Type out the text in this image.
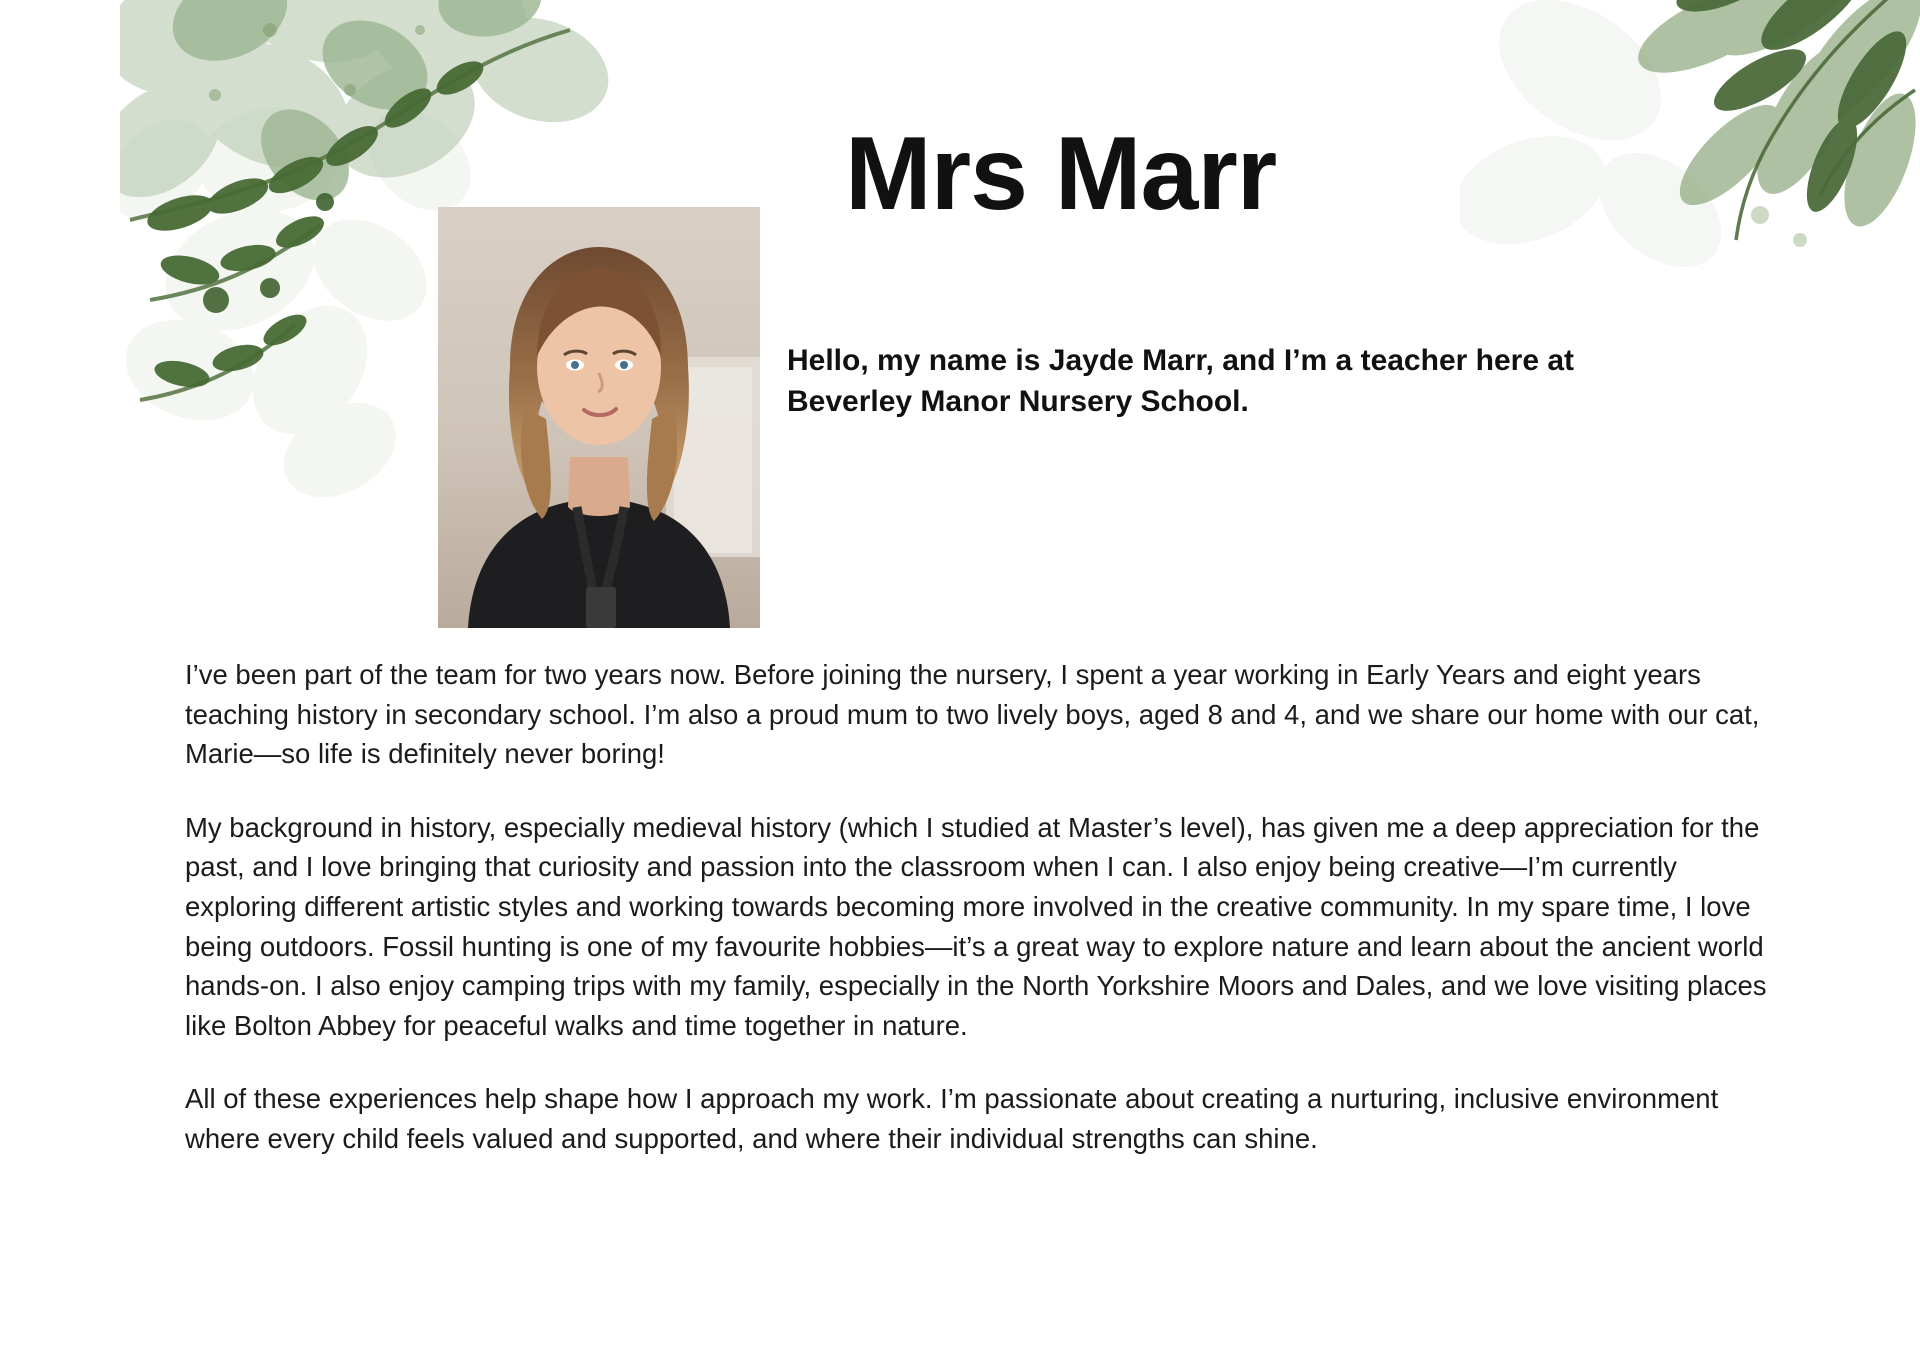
Mrs Marr

Hello, my name is Jayde Marr, and I’m a teacher here at Beverley Manor Nursery School.

I’ve been part of the team for two years now. Before joining the nursery, I spent a year working in Early Years and eight years teaching history in secondary school. I’m also a proud mum to two lively boys, aged 8 and 4, and we share our home with our cat, Marie—so life is definitely never boring!

My background in history, especially medieval history (which I studied at Master’s level), has given me a deep appreciation for the past, and I love bringing that curiosity and passion into the classroom when I can. I also enjoy being creative—I’m currently exploring different artistic styles and working towards becoming more involved in the creative community. In my spare time, I love being outdoors. Fossil hunting is one of my favourite hobbies—it’s a great way to explore nature and learn about the ancient world hands-on. I also enjoy camping trips with my family, especially in the North Yorkshire Moors and Dales, and we love visiting places like Bolton Abbey for peaceful walks and time together in nature.

All of these experiences help shape how I approach my work. I’m passionate about creating a nurturing, inclusive environment where every child feels valued and supported, and where their individual strengths can shine.
